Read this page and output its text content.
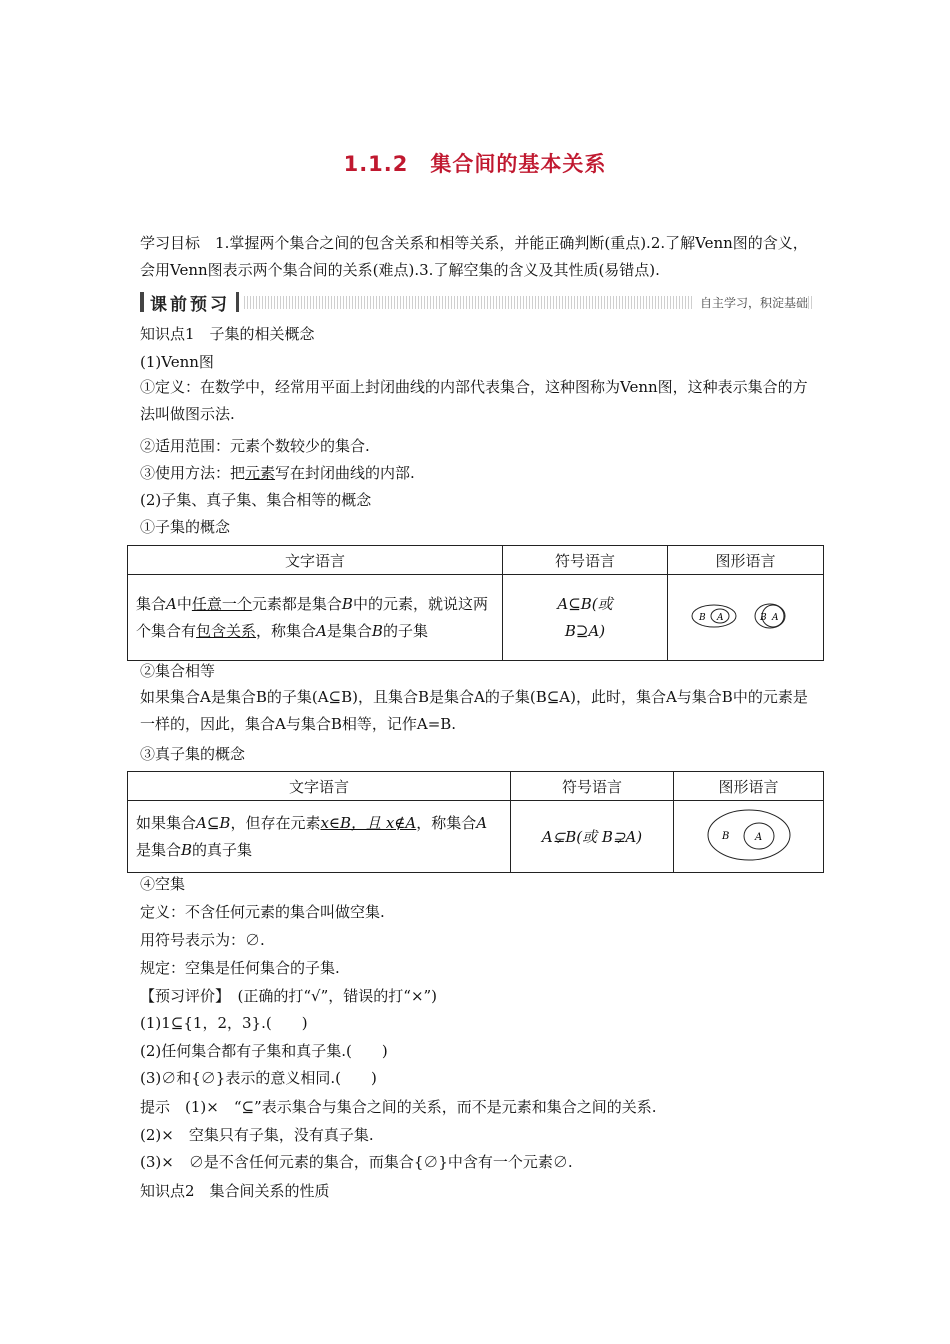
1.1.2　集合间的基本关系
学习目标　 1.掌握两个集合之间的包含关系和相等关系，并能正确判断(重点).2.了解Venn图的含义，会用Venn图表示两个集合间的关系(难点).3.了解空集的含义及其性质(易错点).
课前预习	自主学习，积淀基础
知识点1　子集的相关概念
(1)Venn图
①定义：在数学中，经常用平面上封闭曲线的内部代表集合，这种图称为Venn图，这种表示集合的方法叫做图示法.
②适用范围：元素个数较少的集合.
③使用方法：把元素写在封闭曲线的内部.
(2)子集、真子集、集合相等的概念
①子集的概念
文字语言	符号语言	图形语言
集合A中任意一个元素都是集合B中的元素，就说这两个集合有包含关系，称集合A是集合B的子集	A⊆B(或
B⊇A)	B A B A
②集合相等
如果集合A是集合B的子集(A⊆B)，且集合B是集合A的子集(B⊆A)，此时，集合A与集合B中的元素是一样的，因此，集合A与集合B相等，记作A=B.
③真子集的概念
文字语言	符号语言	图形语言
如果集合A⊆B，但存在元素x∈B，且 x∉A，称集合A是集合B的真子集	A⊊B(或 B⊋A)	B A
④空集
定义：不含任何元素的集合叫做空集.
用符号表示为：∅.
规定：空集是任何集合的子集.
【预习评价】　 (正确的打“√”，错误的打“×”)
(1)1⊆{1，2，3}.(　　)
(2)任何集合都有子集和真子集.(　　)
(3)∅和{∅}表示的意义相同.(　　)
提示　(1)×　“⊆”表示集合与集合之间的关系，而不是元素和集合之间的关系.
(2)×　空集只有子集，没有真子集.
(3)×　∅是不含任何元素的集合，而集合{∅}中含有一个元素∅.
知识点2　集合间关系的性质
